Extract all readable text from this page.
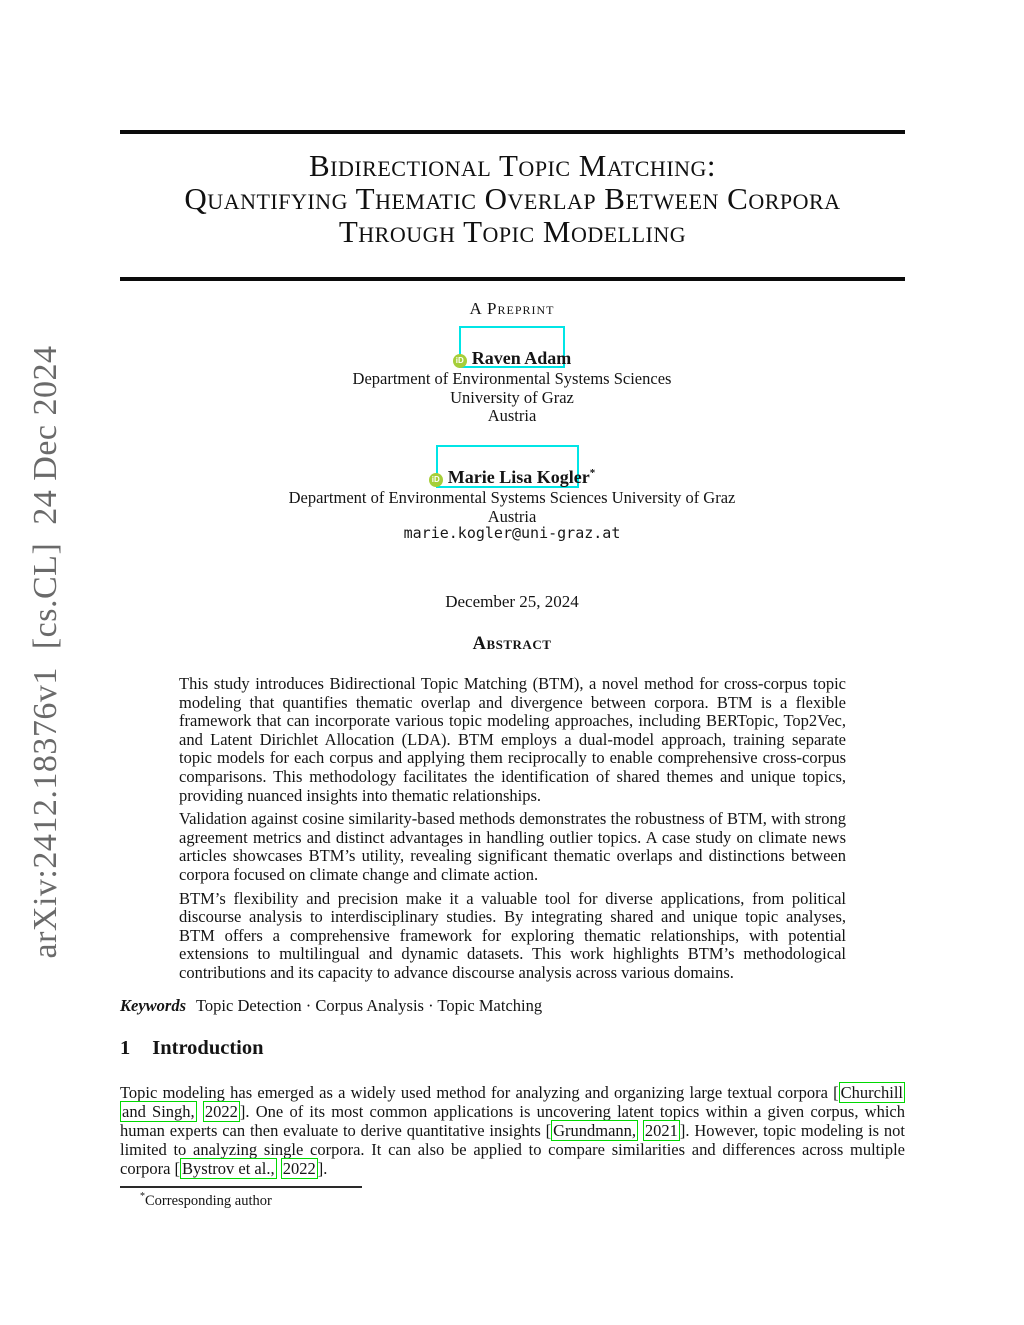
arXiv:2412.18376v1  [cs.CL]  24 Dec 2024
Bidirectional Topic Matching:
Quantifying Thematic Overlap Between Corpora
Through Topic Modelling
A Preprint
iD Raven Adam
Department of Environmental Systems Sciences
University of Graz
Austria
iD Marie Lisa Kogler*
Department of Environmental Systems Sciences University of Graz
Austria
marie.kogler@uni-graz.at
December 25, 2024
Abstract

This study introduces Bidirectional Topic Matching (BTM), a novel method for cross-corpus topic modeling that quantifies thematic overlap and divergence between corpora. BTM is a flexible framework that can incorporate various topic modeling approaches, including BERTopic, Top2Vec, and Latent Dirichlet Allocation (LDA). BTM employs a dual-model approach, training separate topic models for each corpus and applying them reciprocally to enable comprehensive cross-corpus comparisons. This methodology facilitates the identification of shared themes and unique topics, providing nuanced insights into thematic relationships.

Validation against cosine similarity-based methods demonstrates the robustness of BTM, with strong agreement metrics and distinct advantages in handling outlier topics. A case study on climate news articles showcases BTM’s utility, revealing significant thematic overlaps and distinctions between corpora focused on climate change and climate action.

BTM’s flexibility and precision make it a valuable tool for diverse applications, from political discourse analysis to interdisciplinary studies. By integrating shared and unique topic analyses, BTM offers a comprehensive framework for exploring thematic relationships, with potential extensions to multilingual and dynamic datasets. This work highlights BTM’s methodological contributions and its capacity to advance discourse analysis across various domains.

Keywords Topic Detection · Corpus Analysis · Topic Matching
1 Introduction
Topic modeling has emerged as a widely used method for analyzing and organizing large textual corpora [ Churchill and Singh, 2022 ]. One of its most common applications is uncovering latent topics within a given corpus, which human experts can then evaluate to derive quantitative insights [ Grundmann, 2021 ]. However, topic modeling is not limited to analyzing single corpora. It can also be applied to compare similarities and differences across multiple corpora [ Bystrov et al., 2022 ].
*Corresponding author
